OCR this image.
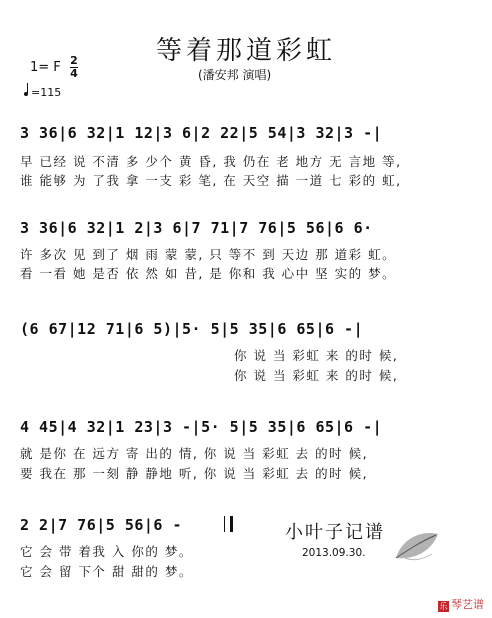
等着那道彩虹
(潘安邦 演唱)
1= F 2
4
=115
3 36|6 32|1 12|3 6|2 22|5 54|3 32|3 -|
早 已经 说 不清 多 少个 黄 昏, 我 仍在 老 地方 无 言地 等,
谁 能够 为 了我 拿 一支 彩 笔, 在 天空 描 一道 七 彩的 虹,
3 36|6 32|1 2|3 6|7 71|7 76|5 56|6 6·
许 多次 见 到了 烟 雨 蒙 蒙, 只 等不 到 天边 那 道彩 虹。
看 一看 她 是否 依 然 如 昔, 是 你和 我 心中 坚 实的 梦。
(6 67|12 71|6 5)|5· 5|5 35|6 65|6 -|
你 说 当 彩虹 来 的时 候,
你 说 当 彩虹 来 的时 候,
4 45|4 32|1 23|3 -|5· 5|5 35|6 65|6 -|
就 是你 在 远方 寄 出的 情, 你 说 当 彩虹 去 的时 候,
要 我在 那 一刻 静 静地 听, 你 说 当 彩虹 去 的时 候,
2 2|7 76|5 56|6 -
它 会 带 着我 入 你的 梦。
它 会 留 下个 甜 甜的 梦。
小叶子记谱
2013.09.30.
乐 琴艺谱
